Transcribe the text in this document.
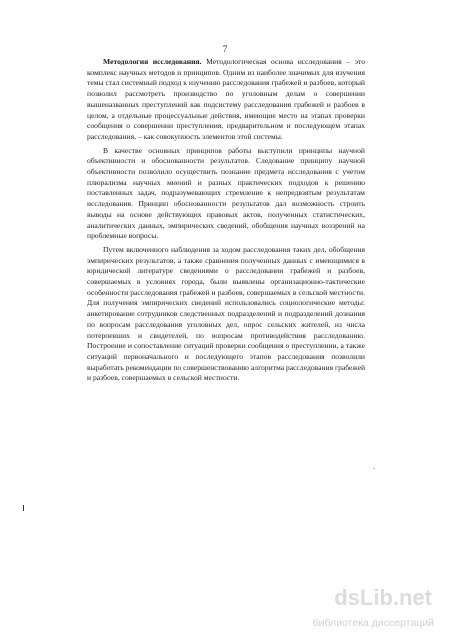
7

Методология исследования. Методологическая основа исследования – это комплекс научных методов и принципов. Одним из наиболее значимых для изучения темы стал системный подход к изучению расследования грабежей и разбоев, который позволил рассмотреть производство по уголовным делам о совершении вышеназванных преступлений как подсистему расследования грабежей и разбоев в целом, а отдельные процессуальные действия, имеющие место на этапах проверки сообщения о совершении преступления, предварительном и последующем этапах расследования, – как совокупность элементов этой системы.

В качестве основных принципов работы выступили принципы научной объективности и обоснованности результатов. Следование принципу научной объективности позволило осуществить познание предмета исследования с учетом плюрализма научных мнений и разных практических подходов к решению поставленных задач, подразумевающих стремление к непредвзятым результатам исследования. Принцип обоснованности результатов дал возможность строить выводы на основе действующих правовых актов, полученных статистических, аналитических данных, эмпирических сведений, обобщения научных воззрений на проблемные вопросы.

Путем включенного наблюдения за ходом расследования таких дел, обобщения эмпирических результатов, а также сравнения полученных данных с имеющимися в юридической литературе сведениями о расследовании грабежей и разбоев, совершаемых в условиях города, были выявлены организационно-тактические особенности расследования грабежей и разбоев, совершаемых в сельской местности. Для получения эмпирических сведений использовались социологические методы: анкетирование сотрудников следственных подразделений и подразделений дознания по вопросам расследования уголовных дел, опрос сельских жителей, из числа потерпевших и свидетелей, по вопросам противодействия расследованию. Построение и сопоставление ситуаций проверки сообщения о преступлении, а также ситуаций первоначального и последующего этапов расследования позволили выработать рекомендации по совершенствованию алгоритма расследования грабежей и разбоев, совершаемых в сельской местности.

·
dsLib.net
библиотека диссертаций
